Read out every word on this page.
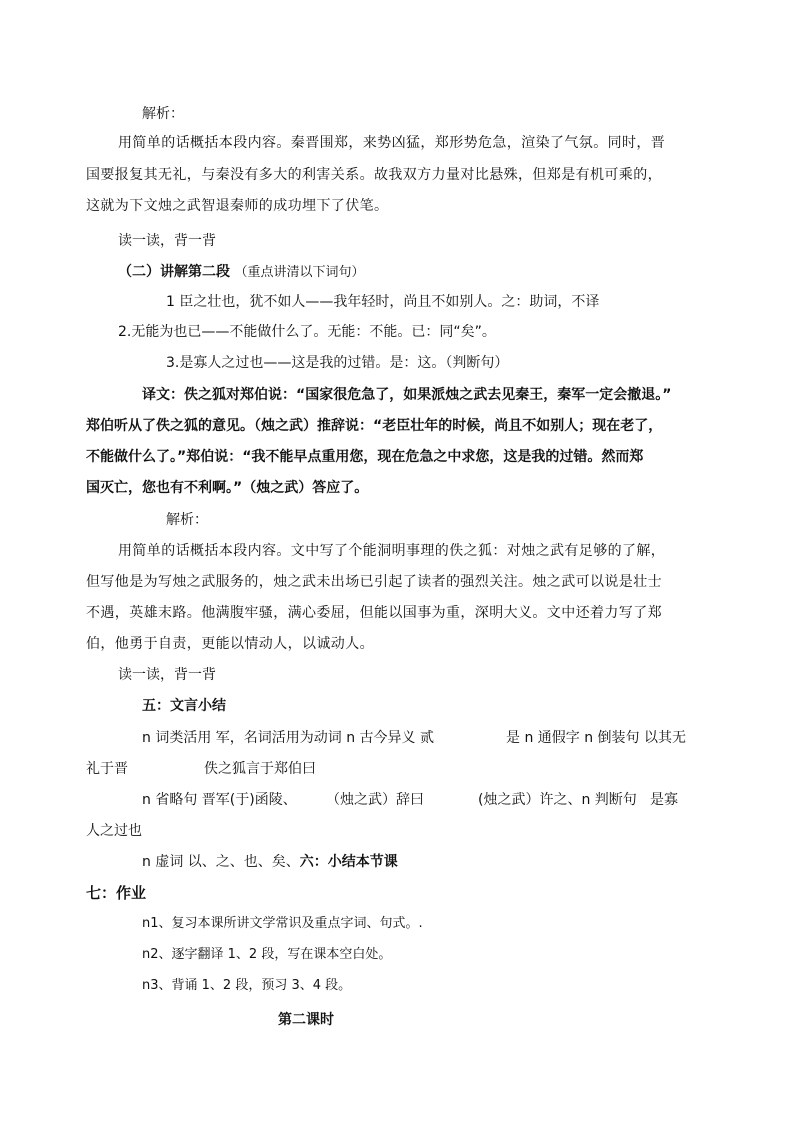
解析：
用简单的话概括本段内容。秦晋围郑，来势凶猛，郑形势危急，渲染了气氛。同时，晋
国要报复其无礼，与秦没有多大的利害关系。故我双方力量对比悬殊，但郑是有机可乘的，
这就为下文烛之武智退秦师的成功埋下了伏笔。
读一读，背一背
（二）讲解第二段 （重点讲清以下词句）
1 臣之壮也，犹不如人——我年轻时，尚且不如别人。之：助词，不译
2.无能为也已——不能做什么了。无能：不能。已：同“矣”。
3.是寡人之过也——这是我的过错。是：这。（判断句）
译文：佚之狐对郑伯说：“国家很危急了，如果派烛之武去见秦王，秦军一定会撤退。”
郑伯听从了佚之狐的意见。（烛之武）推辞说：“老臣壮年的时候，尚且不如别人；现在老了，
不能做什么了。”郑伯说：“我不能早点重用您，现在危急之中求您，这是我的过错。然而郑
国灭亡，您也有不利啊。”（烛之武）答应了。
解析：
用简单的话概括本段内容。文中写了个能洞明事理的佚之狐：对烛之武有足够的了解，
但写他是为写烛之武服务的，烛之武未出场已引起了读者的强烈关注。烛之武可以说是壮士
不遇，英雄末路。他满腹牢骚，满心委屈，但能以国事为重，深明大义。文中还着力写了郑
伯，他勇于自责，更能以情动人，以诚动人。
读一读，背一背
五：文言小结
n 词类活用 军，名词活用为动词 n 古今异义 贰	是 n 通假字 n 倒装句 以其无
礼于晋	佚之狐言于郑伯曰
n 省略句 晋军(于)函陵、 （烛之武）辞曰	(烛之武）许之、n 判断句 是寡
人之过也
n 虚词 以、之、也、矣、六：小结本节课
七：作业
n1、复习本课所讲文学常识及重点字词、句式。.
n2、逐字翻译 1、2 段，写在课本空白处。
n3、背诵 1、2 段，预习 3、4 段。
第二课时
